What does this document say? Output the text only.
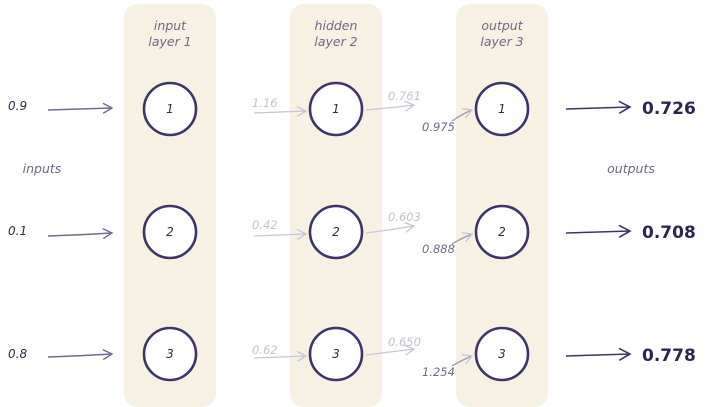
input
layer 1
hidden
layer 2
output
layer 3
inputs	outputs
0.9
0.1
0.8
1.16
0.42
0.62
0.761
0.603
0.650
0.975
0.888
1.254
1
2
3
1
2
3
1
2
3
0.726
0.708
0.778
